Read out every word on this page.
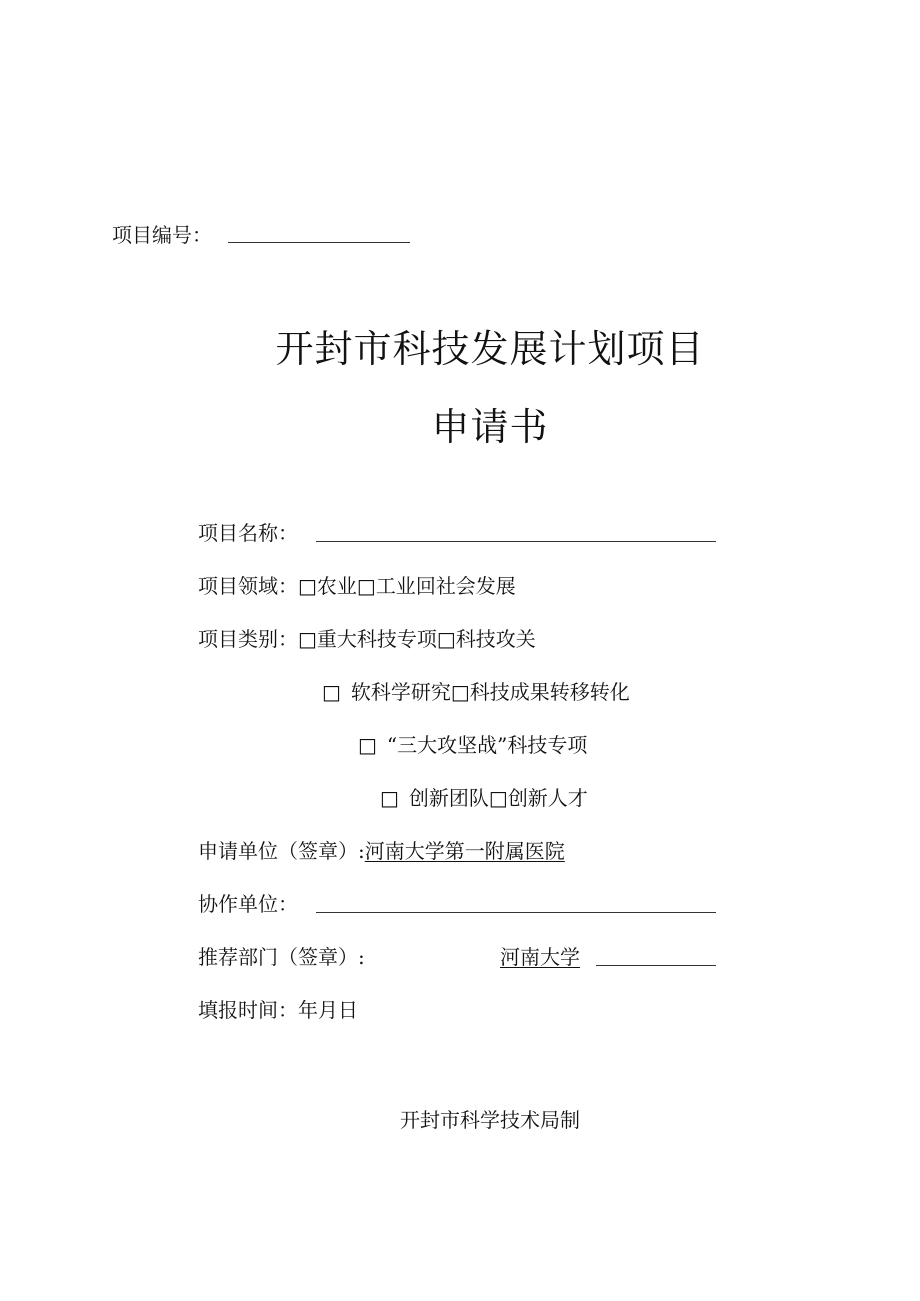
项目编号：
开封市科技发展计划项目
申请书
项目名称：
项目领域：□农业□工业回社会发展
项目类别：□重大科技专项□科技攻关
□ 软科学研究□科技成果转移转化
□ “三大攻坚战”科技专项
□ 创新团队□创新人才
申请单位（签章）:河南大学第一附属医院
协作单位：
推荐部门（签章）:	河南大学
填报时间：年月日
开封市科学技术局制
